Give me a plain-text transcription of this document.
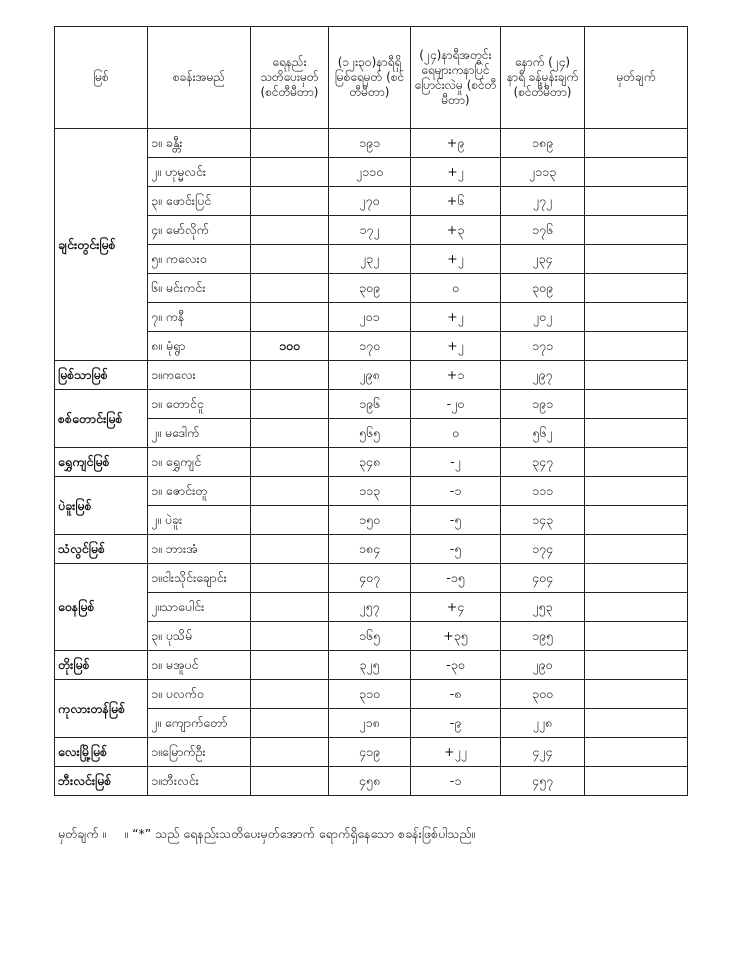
မြစ်	စခန်းအမည်	ရေနည်း သတိပေးမှတ် (စင်တီမီတာ)	(၁၂း၃၀)နာရီရှိ မြစ်ရေမှတ် (စင်တီမီတာ)	(၂၄)နာရီအတွင်း ရေများကနာပြင် ပြောင်းလဲမှု (စင်တီမီတာ)	နောက် (၂၄) နာရီ ခန့်မှန်းချက် (စင်တီမီတာ)	မှတ်ချက်
ချင်းတွင်းမြစ်	၁။ ခန္တီး		၁၉၁	+၉	၁၈၉	
	၂။ ဟုမ္မလင်း		၂၁၁၀	+၂	၂၁၁၃	
	၃။ ဖောင်းပြင်		၂၇၀	+၆	၂၇၂	
	၄။ မော်လိုက်		၁၇၂	+၃	၁၇၆	
	၅။ ကလေးဝ		၂၃၂	+၂	၂၃၄	
	၆။ မင်းကင်း		၃၀၉	၀	၃၀၉	
	၇။ ကနီ		၂၀၁	+၂	၂၀၂	
	၈။ မုံရွာ	၁၀၀	၁၇၀	+၂	၁၇၁	
မြစ်သာမြစ်	၁။ကလေး		၂၉၈	+၁	၂၉၇	
စစ်တောင်းမြစ်	၁။ တောင်ငူ		၁၉၆	-၂၀	၁၉၁	
	၂။ မဒေါက်		၅၆၅	၀	၅၆၂	
ရွှေကျင်မြစ်	၁။ ရွှေကျင်		၃၄၈	-၂	၃၄၇	
ပဲခူးမြစ်	၁။ ဇောင်းတူ		၁၁၃	-၁	၁၁၁	
	၂။ ပဲခူး		၁၅၀	-၅	၁၄၃	
သံလွင်မြစ်	၁။ ဘားအံ		၁၈၄	-၅	၁၇၄	
ဝေနမြစ်	၁။ငါးသိုင်းချောင်း		၄၀၇	-၁၅	၄၀၄	
	၂။သာပေါင်း		၂၅၇	+၄	၂၅၃	
	၃။ ပုသိမ်		၁၆၅	+၃၅	၁၉၅	
တိုးမြစ်	၁။ မအူပင်		၃၂၅	-၃၀	၂၉၀	
ကုလားတန်မြစ်	၁။ ပလက်ဝ		၃၁၀	-၈	၃၀၀	
	၂။ ကျောက်တော်		၂၁၈	-၉	၂၂၈	
လေးမြို့မြစ်	၁။မြောက်ဦး		၄၁၉	+၂၂	၄၂၄	
ဘီးလင်းမြစ်	၁။ဘီးလင်း		၄၅၈	-၁	၄၅၇	
မှတ်ချက် ။ ။ “*” သည် ရေနည်းသတိပေးမှတ်အောက် ရောက်ရှိနေသော စခန်းဖြစ်ပါသည်။
